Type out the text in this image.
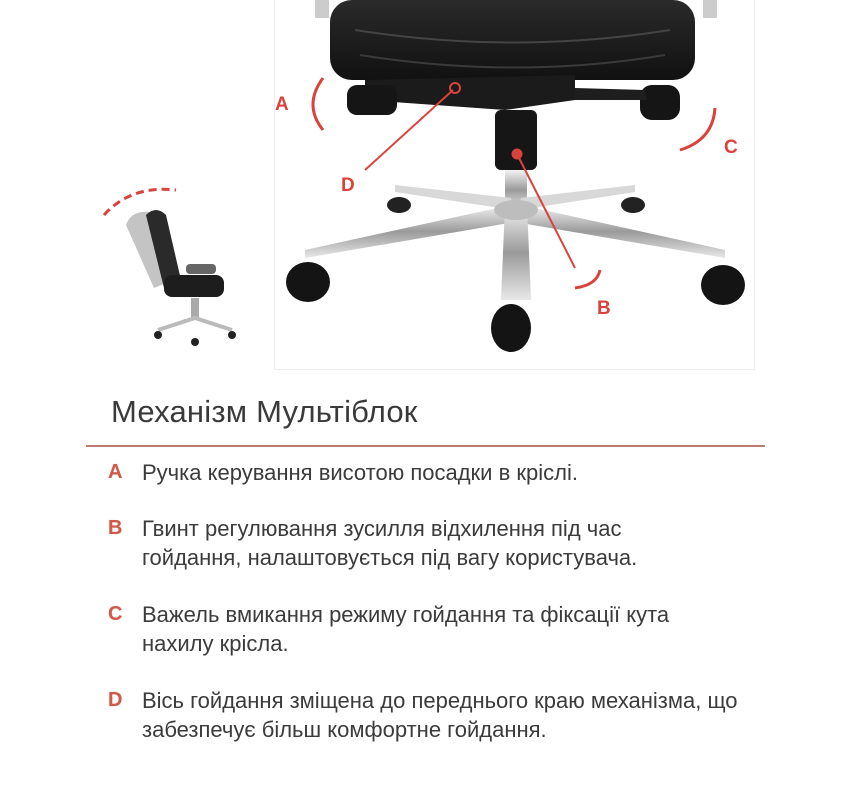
A
D
C
B
Механізм Мультіблок
A Ручка керування висотою посадки в кріслі.
B Гвинт регулювання зусилля відхилення під час гойдання, налаштовується під вагу користувача.
C Важель вмикання режиму гойдання та фіксації кута нахилу крісла.
D Вісь гойдання зміщена до переднього краю механізма, що забезпечує більш комфортне гойдання.
